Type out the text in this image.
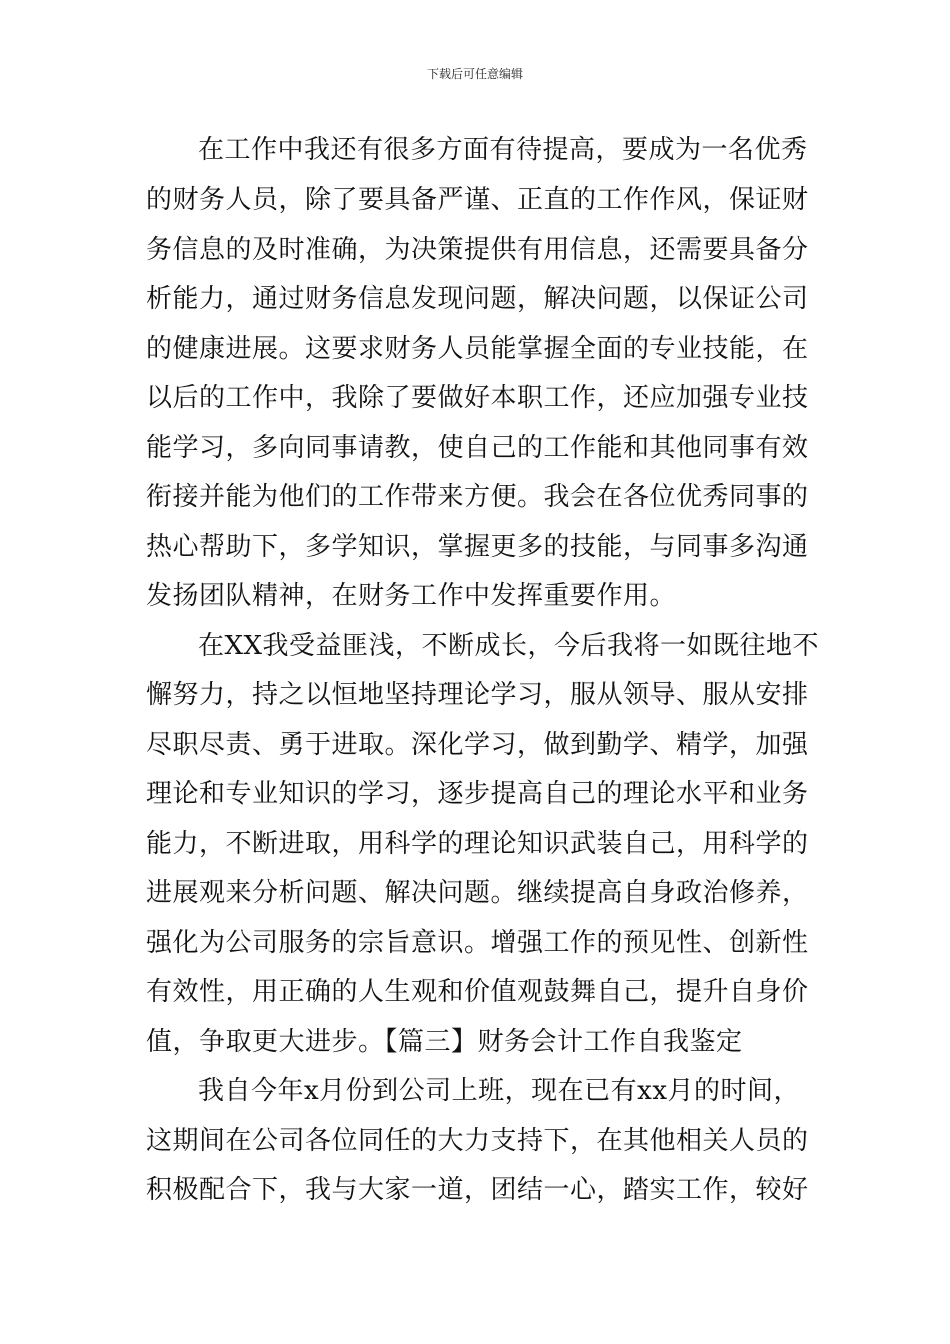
下载后可任意编辑
在工作中我还有很多方面有待提高，要成为一名优秀
的财务人员，除了要具备严谨、正直的工作作风，保证财
务信息的及时准确，为决策提供有用信息，还需要具备分
析能力，通过财务信息发现问题，解决问题，以保证公司
的健康进展。这要求财务人员能掌握全面的专业技能，在
以后的工作中，我除了要做好本职工作，还应加强专业技
能学习，多向同事请教，使自己的工作能和其他同事有效
衔接并能为他们的工作带来方便。我会在各位优秀同事的
热心帮助下，多学知识，掌握更多的技能，与同事多沟通
发扬团队精神，在财务工作中发挥重要作用。
在XX我受益匪浅，不断成长，今后我将一如既往地不
懈努力，持之以恒地坚持理论学习，服从领导、服从安排
尽职尽责、勇于进取。深化学习，做到勤学、精学，加强
理论和专业知识的学习，逐步提高自己的理论水平和业务
能力，不断进取，用科学的理论知识武装自己，用科学的
进展观来分析问题、解决问题。继续提高自身政治修养，
强化为公司服务的宗旨意识。增强工作的预见性、创新性
有效性，用正确的人生观和价值观鼓舞自己，提升自身价
值，争取更大进步。【篇三】财务会计工作自我鉴定
我自今年x月份到公司上班，现在已有xx月的时间，
这期间在公司各位同任的大力支持下，在其他相关人员的
积极配合下，我与大家一道，团结一心，踏实工作，较好
